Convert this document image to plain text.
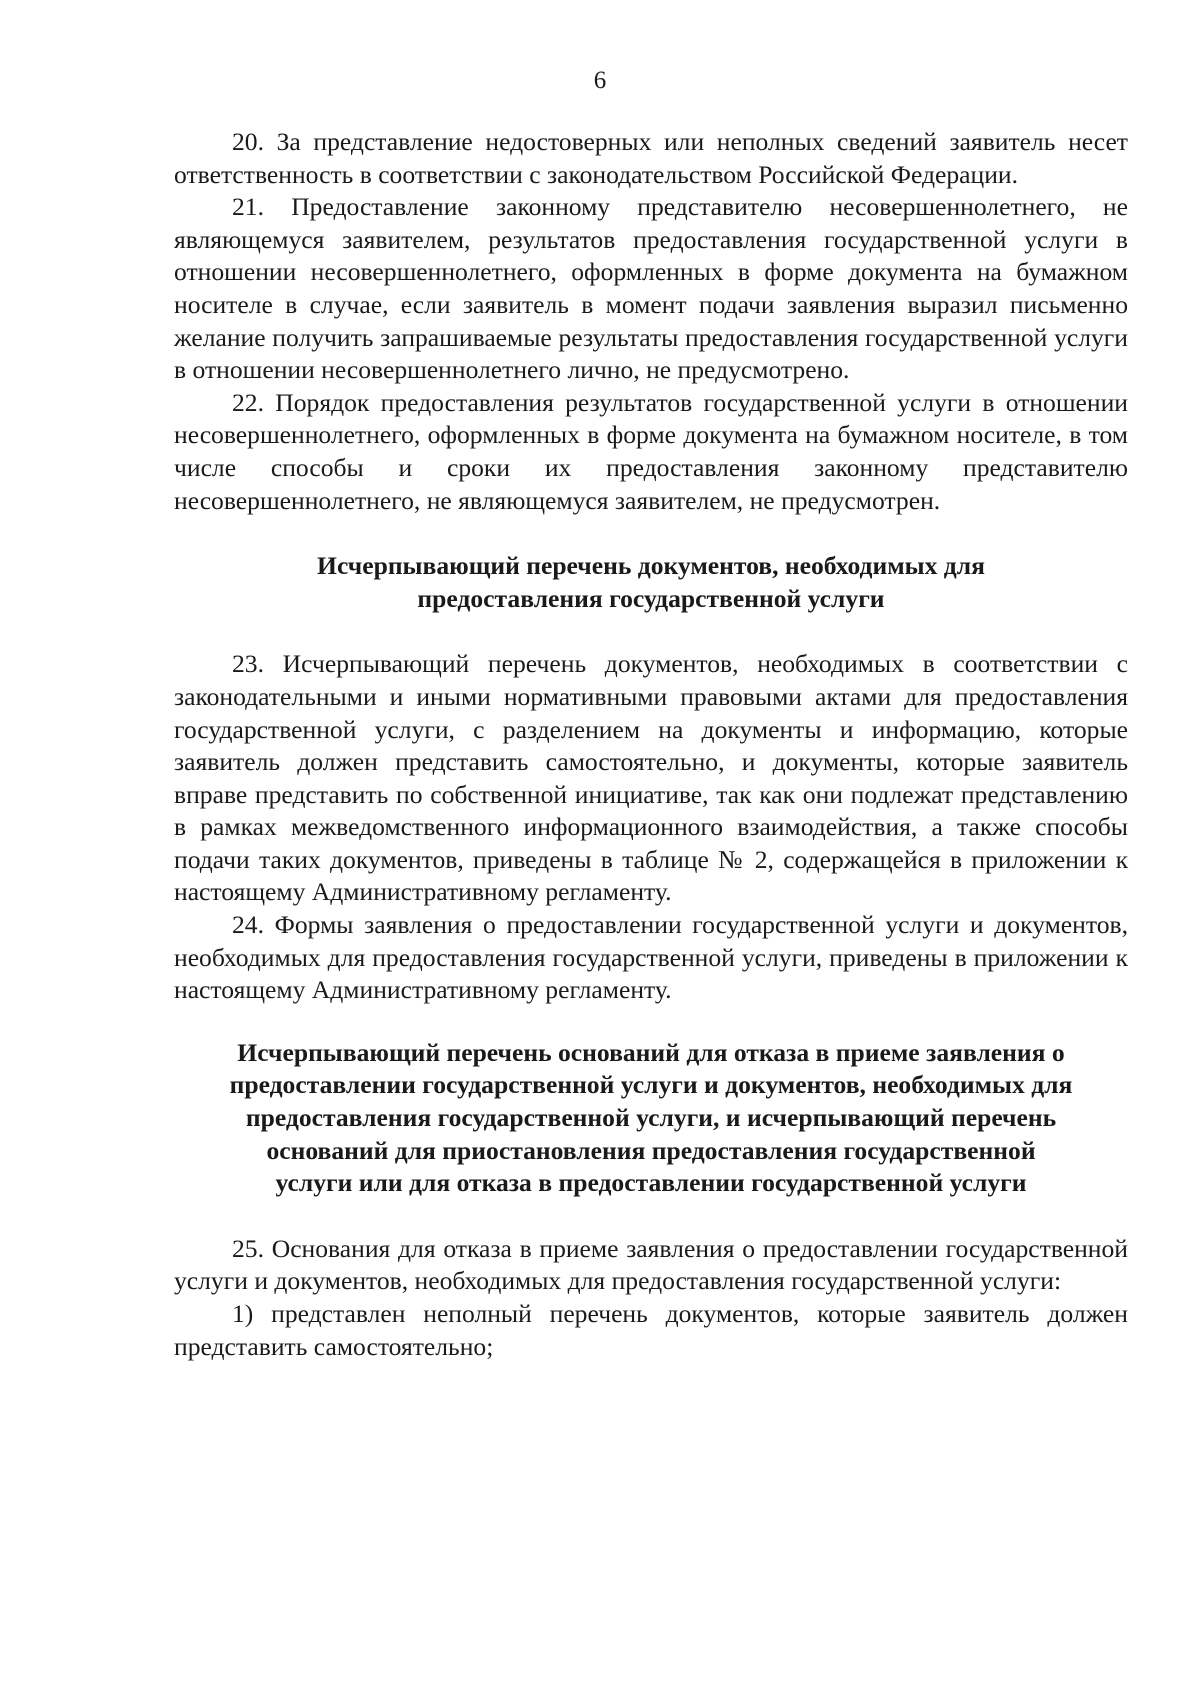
6

20. За представление недостоверных или неполных сведений заявитель несет ответственность в соответствии с законодательством Российской Федерации.

21. Предоставление законному представителю несовершеннолетнего, не являющемуся заявителем, результатов предоставления государственной услуги в отношении несовершеннолетнего, оформленных в форме документа на бумажном носителе в случае, если заявитель в момент подачи заявления выразил письменно желание получить запрашиваемые результаты предоставления государственной услуги в отношении несовершеннолетнего лично, не предусмотрено.

22. Порядок предоставления результатов государственной услуги в отношении несовершеннолетнего, оформленных в форме документа на бумажном носителе, в том числе способы и сроки их предоставления законному представителю несовершеннолетнего, не являющемуся заявителем, не предусмотрен.

Исчерпывающий перечень документов, необходимых для
предоставления государственной услуги

23. Исчерпывающий перечень документов, необходимых в соответствии с законодательными и иными нормативными правовыми актами для предоставления государственной услуги, с разделением на документы и информацию, которые заявитель должен представить самостоятельно, и документы, которые заявитель вправе представить по собственной инициативе, так как они подлежат представлению в рамках межведомственного информационного взаимодействия, а также способы подачи таких документов, приведены в таблице № 2, содержащейся в приложении к настоящему Административному регламенту.

24. Формы заявления о предоставлении государственной услуги и документов, необходимых для предоставления государственной услуги, приведены в приложении к настоящему Административному регламенту.

Исчерпывающий перечень оснований для отказа в приеме заявления о
предоставлении государственной услуги и документов, необходимых для
предоставления государственной услуги, и исчерпывающий перечень
оснований для приостановления предоставления государственной
услуги или для отказа в предоставлении государственной услуги

25. Основания для отказа в приеме заявления о предоставлении государственной услуги и документов, необходимых для предоставления государственной услуги:

1) представлен неполный перечень документов, которые заявитель должен представить самостоятельно;
